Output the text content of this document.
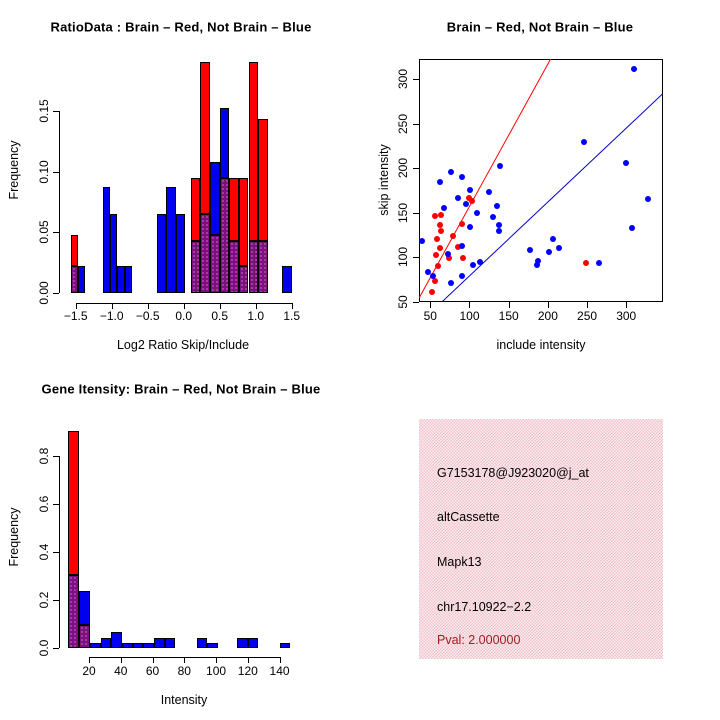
RatioData : Brain – Red, Not Brain – Blue	Brain – Red, Not Brain – Blue
Gene Itensity: Brain – Red, Not Brain – Blue
Log2 Ratio Skip/Include
Frequency
include intensity
skip intensity
Intensity
Frequency
0.00
0.05
0.10
0.15
−1.5 −1.0 −0.5 0.0 0.5 1.0 1.5
0.0
0.2
0.4
0.6
0.8
20 40 60 80 100 120 140
50
100
150
200
250
300
50 100 150 200 250 300
G7153178@J923020@j_at
altCassette
Mapk13
chr17.10922−2.2
Pval: 2.000000
